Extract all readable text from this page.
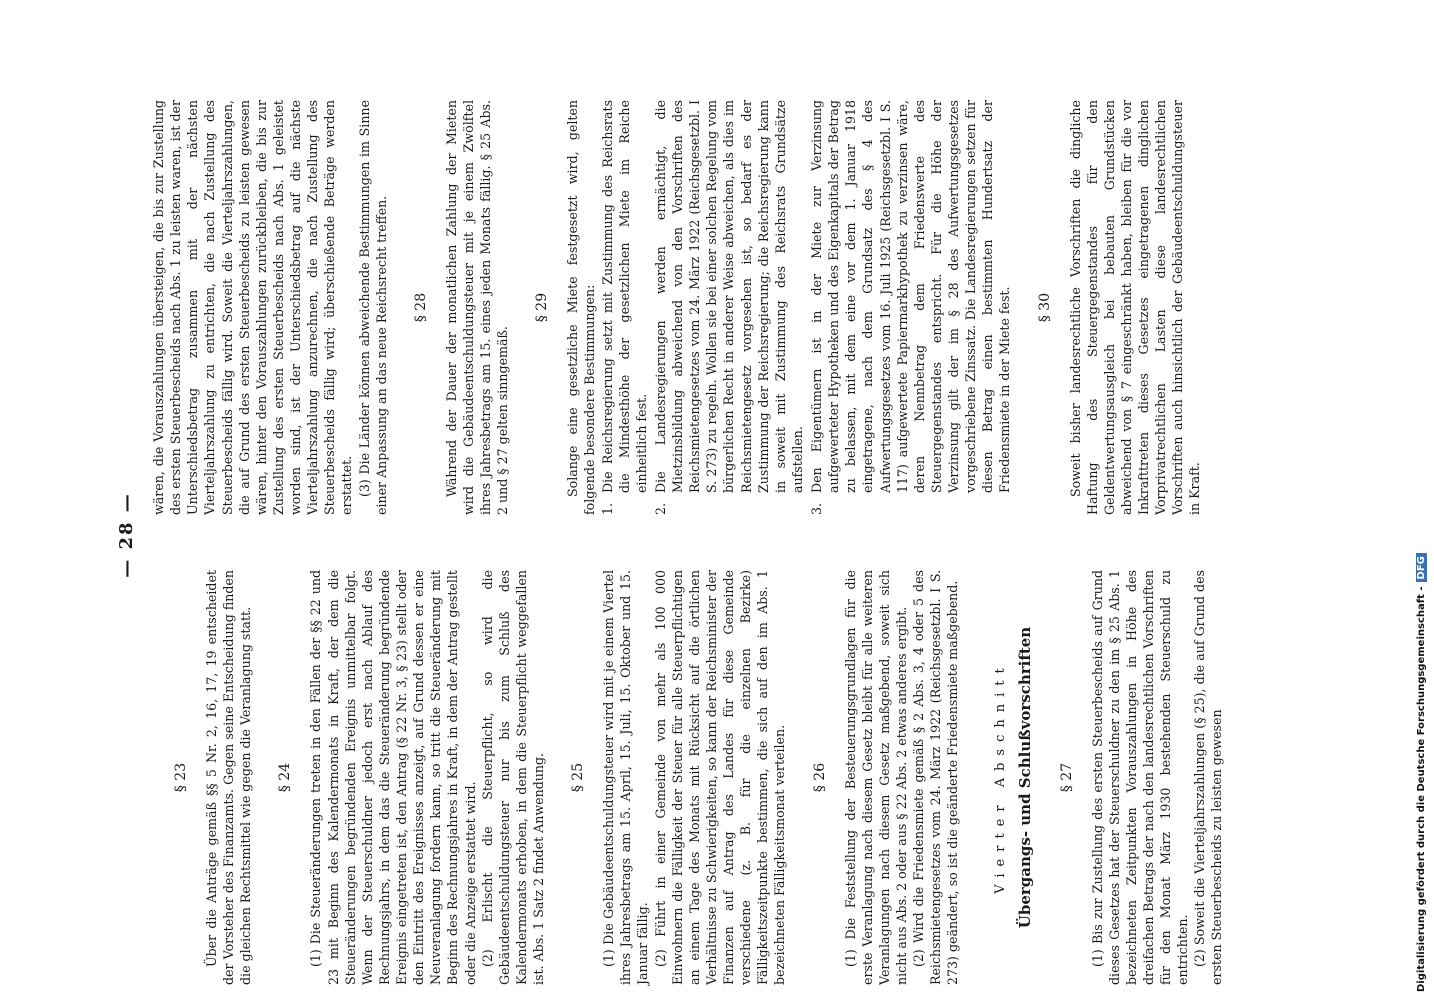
— 28 —
§ 23 Über die Anträge gemäß §§ 5 Nr. 2, 16, 17, 19 entscheidet der Vorsteher des Finanzamts. Gegen seine Entscheidung finden die gleichen Rechtsmittel wie gegen die Veranlagung statt. § 24 (1) Die Steueränderungen treten in den Fällen der §§ 22 und 23 mit Beginn des Kalendermonats in Kraft, der dem die Steueränderungen begründenden Ereignis unmittelbar folgt. Wenn der Steuerschuldner jedoch erst nach Ablauf des Rechnungsjahrs, in dem das die Steueränderung begründende Ereignis eingetreten ist, den Antrag (§ 22 Nr. 3, § 23) stellt oder den Eintritt des Ereignisses anzeigt, auf Grund dessen er eine Neuveranlagung fordern kann, so tritt die Steueränderung mit Beginn des Rechnungsjahres in Kraft, in dem der Antrag gestellt oder die Anzeige erstattet wird. (2) Erlischt die Steuerpflicht, so wird die Gebäudeentschuldungsteuer nur bis zum Schluß des Kalendermonats erhoben, in dem die Steuerpflicht weggefallen ist. Abs. 1 Satz 2 findet Anwendung. § 25 (1) Die Gebäudeentschuldungsteuer wird mit je einem Viertel ihres Jahresbetrags am 15. April, 15. Juli, 15. Oktober und 15. Januar fällig. (2) Führt in einer Gemeinde von mehr als 100 000 Einwohnern die Fälligkeit der Steuer für alle Steuerpflichtigen an einem Tage des Monats mit Rücksicht auf die örtlichen Verhältnisse zu Schwierigkeiten, so kann der Reichsminister der Finanzen auf Antrag des Landes für diese Gemeinde verschiedene (z. B. für die einzelnen Bezirke) Fälligkeitszeitpunkte bestimmen, die sich auf den im Abs. 1 bezeichneten Fälligkeitsmonat verteilen. § 26 (1) Die Feststellung der Besteuerungsgrundlagen für die erste Veranlagung nach diesem Gesetz bleibt für alle weiteren Veranlagungen nach diesem Gesetz maßgebend, soweit sich nicht aus Abs. 2 oder aus § 22 Abs. 2 etwas anderes ergibt. (2) Wird die Friedensmiete gemäß § 2 Abs. 3, 4 oder 5 des Reichsmietengesetzes vom 24. März 1922 (Reichsgesetzbl. I S. 273) geändert, so ist die geänderte Friedensmiete maßgebend. Vierter Abschnitt Übergangs- und Schlußvorschriften § 27 (1) Bis zur Zustellung des ersten Steuerbescheids auf Grund dieses Gesetzes hat der Steuerschuldner zu den im § 25 Abs. 1 bezeichneten Zeitpunkten Vorauszahlungen in Höhe des dreifachen Betrags der nach den landesrechtlichen Vorschriften für den Monat März 1930 bestehenden Steuerschuld zu entrichten. (2) Soweit die Vierteljahrszahlungen (§ 25), die auf Grund des ersten Steuerbescheids zu leisten gewesen

wären, die Vorauszahlungen übersteigen, die bis zur Zustellung des ersten Steuerbescheids nach Abs. 1 zu leisten waren, ist der Unterschiedsbetrag zusammen mit der nächsten Vierteljahrszahlung zu entrichten, die nach Zustellung des Steuerbescheids fällig wird. Soweit die Vierteljahrszahlungen, die auf Grund des ersten Steuerbescheids zu leisten gewesen wären, hinter den Vorauszahlungen zurückbleiben, die bis zur Zustellung des ersten Steuerbescheids nach Abs. 1 geleistet worden sind, ist der Unterschiedsbetrag auf die nächste Vierteljahrszahlung anzurechnen, die nach Zustellung des Steuerbescheids fällig wird; überschießende Beträge werden erstattet. (3) Die Länder können abweichende Bestimmungen im Sinne einer Anpassung an das neue Reichsrecht treffen. § 28 Während der Dauer der monatlichen Zahlung der Mieten wird die Gebäudeentschuldungsteuer mit je einem Zwölftel ihres Jahresbetrags am 15. eines jeden Monats fällig. § 25 Abs. 2 und § 27 gelten sinngemäß.

§ 29 Solange eine gesetzliche Miete festgesetzt wird, gelten folgende besondere Bestimmungen: 1.
Die Reichsregierung setzt mit Zustimmung des Reichsrats die Mindesthöhe der gesetzlichen Miete im Reiche einheitlich fest.
2.
Die Landesregierungen werden ermächtigt, die Mietzinsbildung abweichend von den Vorschriften des Reichsmietengesetzes vom 24. März 1922 (Reichsgesetzbl. I S. 273) zu regeln. Wollen sie bei einer solchen Regelung vom bürgerlichen Recht in anderer Weise abweichen, als dies im Reichsmietengesetz vorgesehen ist, so bedarf es der Zustimmung der Reichsregierung; die Reichsregierung kann in soweit mit Zustimmung des Reichsrats Grundsätze aufstellen.
3.
Den Eigentümern ist in der Miete zur Verzinsung aufgewerteter Hypotheken und des Eigenkapitals der Betrag zu belassen, mit dem eine vor dem 1. Januar 1918 eingetragene, nach dem Grundsatz des § 4 des Aufwertungsgesetzes vom 16. Juli 1925 (Reichsgesetzbl. I S. 117) aufgewertete Papiermarkhypothek zu verzinsen wäre, deren Nennbetrag dem Friedenswerte des Steuergegenstandes entspricht. Für die Höhe der Verzinsung gilt der im § 28 des Aufwertungsgesetzes vorgeschriebene Zinssatz. Die Landesregierungen setzen für diesen Betrag einen bestimmten Hundertsatz der Friedensmiete in der Miete fest. § 30 Soweit bisher landesrechtliche Vorschriften die dingliche Haftung des Steuergegenstandes für den Geldentwertungsausgleich bei bebauten Grundstücken abweichend von § 7 eingeschränkt haben, bleiben für die vor Inkrafttreten dieses Gesetzes eingetragenen dinglichen Vorprivatrechtlichen Lasten diese landesrechtlichen Vorschriften auch hinsichtlich der Gebäudeentschuldungsteuer in Kraft.

Digitalisierung gefördert durch die Deutsche Forschungsgemeinschaft -DFG
